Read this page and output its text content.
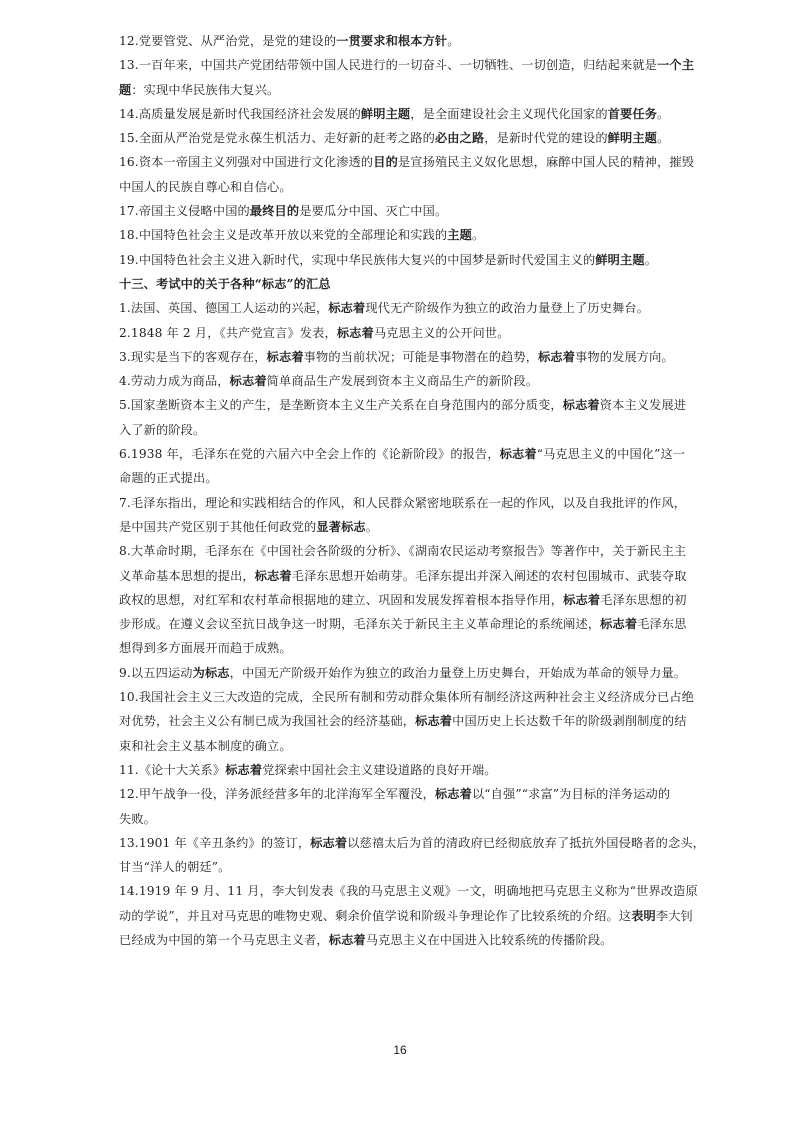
12.党要管党、从严治党，是党的建设的一贯要求和根本方针。
13.一百年来，中国共产党团结带领中国人民进行的一切奋斗、一切牺牲、一切创造，归结起来就是一个主
题：实现中华民族伟大复兴。
14.高质量发展是新时代我国经济社会发展的鲜明主题，是全面建设社会主义现代化国家的首要任务。
15.全面从严治党是党永葆生机活力、走好新的赶考之路的必由之路，是新时代党的建设的鲜明主题。
16.资本一帝国主义列强对中国进行文化渗透的目的是宣扬殖民主义奴化思想，麻醉中国人民的精神，摧毁
中国人的民族自尊心和自信心。
17.帝国主义侵略中国的最终目的是要瓜分中国、灭亡中国。
18.中国特色社会主义是改革开放以来党的全部理论和实践的主题。
19.中国特色社会主义进入新时代，实现中华民族伟大复兴的中国梦是新时代爱国主义的鲜明主题。
十三、考试中的关于各种“标志”的汇总
1.法国、英国、德国工人运动的兴起，标志着现代无产阶级作为独立的政治力量登上了历史舞台。
2.1848 年 2 月，《共产党宣言》发表，标志着马克思主义的公开问世。
3.现实是当下的客观存在，标志着事物的当前状况；可能是事物潜在的趋势，标志着事物的发展方向。
4.劳动力成为商品，标志着简单商品生产发展到资本主义商品生产的新阶段。
5.国家垄断资本主义的产生，是垄断资本主义生产关系在自身范围内的部分质变，标志着资本主义发展进
入了新的阶段。
6.1938 年，毛泽东在党的六届六中全会上作的《论新阶段》的报告，标志着“马克思主义的中国化”这一
命题的正式提出。
7.毛泽东指出，理论和实践相结合的作风，和人民群众紧密地联系在一起的作风，以及自我批评的作风，
是中国共产党区别于其他任何政党的显著标志。
8.大革命时期，毛泽东在《中国社会各阶级的分析》、《湖南农民运动考察报告》等著作中，关于新民主主
义革命基本思想的提出，标志着毛泽东思想开始萌芽。毛泽东提出并深入阐述的农村包围城市、武装夺取
政权的思想，对红军和农村革命根据地的建立、巩固和发展发挥着根本指导作用，标志着毛泽东思想的初
步形成。在遵义会议至抗日战争这一时期，毛泽东关于新民主主义革命理论的系统阐述，标志着毛泽东思
想得到多方面展开而趋于成熟。
9.以五四运动为标志，中国无产阶级开始作为独立的政治力量登上历史舞台，开始成为革命的领导力量。
10.我国社会主义三大改造的完成，全民所有制和劳动群众集体所有制经济这两种社会主义经济成分已占绝
对优势，社会主义公有制已成为我国社会的经济基础，标志着中国历史上长达数千年的阶级剥削制度的结
束和社会主义基本制度的确立。
11.《论十大关系》标志着党探索中国社会主义建设道路的良好开端。
12.甲午战争一役，洋务派经营多年的北洋海军全军覆没，标志着以“自强”“求富”为目标的洋务运动的
失败。
13.1901 年《辛丑条约》的签订，标志着以慈禧太后为首的清政府已经彻底放弃了抵抗外国侵略者的念头，
甘当“洋人的朝廷”。
14.1919 年 9 月、11 月，李大钊发表《我的马克思主义观》一文，明确地把马克思主义称为“世界改造原
动的学说”，并且对马克思的唯物史观、剩余价值学说和阶级斗争理论作了比较系统的介绍。这表明李大钊
已经成为中国的第一个马克思主义者，标志着马克思主义在中国进入比较系统的传播阶段。
16
